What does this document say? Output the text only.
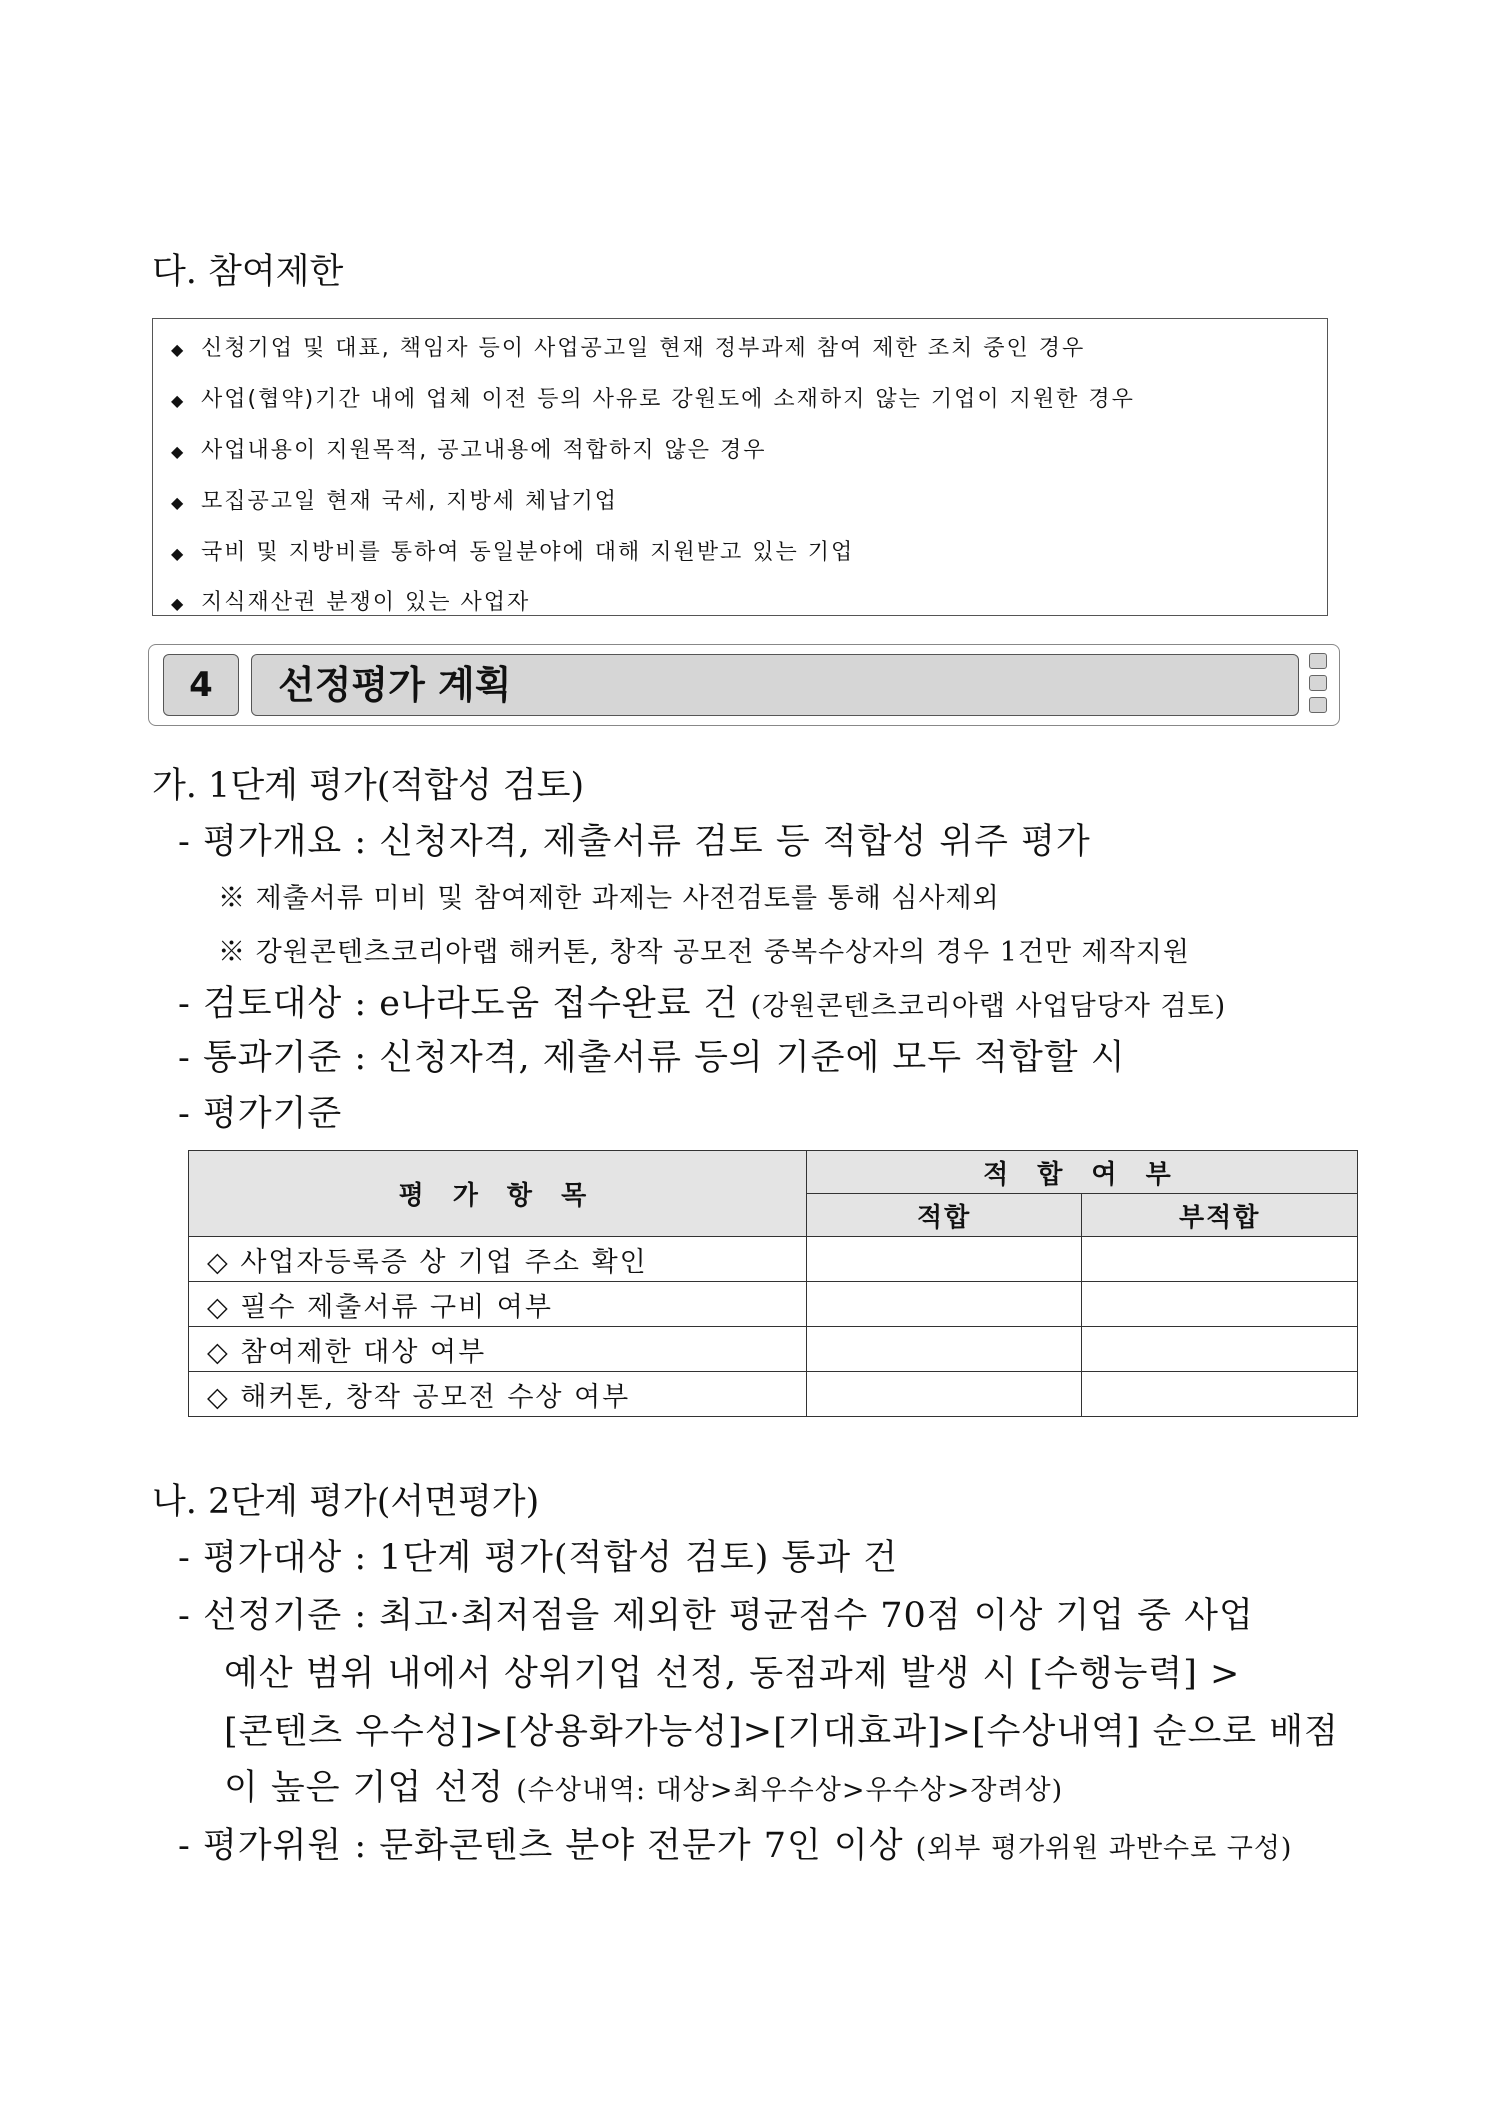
다. 참여제한
◆ 신청기업 및 대표, 책임자 등이 사업공고일 현재 정부과제 참여 제한 조치 중인 경우
◆ 사업(협약)기간 내에 업체 이전 등의 사유로 강원도에 소재하지 않는 기업이 지원한 경우
◆ 사업내용이 지원목적, 공고내용에 적합하지 않은 경우
◆ 모집공고일 현재 국세, 지방세 체납기업
◆ 국비 및 지방비를 통하여 동일분야에 대해 지원받고 있는 기업
◆ 지식재산권 분쟁이 있는 사업자
4	선정평가 계획
가. 1단계 평가(적합성 검토)
- 평가개요 : 신청자격, 제출서류 검토 등 적합성 위주 평가
※ 제출서류 미비 및 참여제한 과제는 사전검토를 통해 심사제외
※ 강원콘텐츠코리아랩 해커톤, 창작 공모전 중복수상자의 경우 1건만 제작지원
- 검토대상 : e나라도움 접수완료 건 (강원콘텐츠코리아랩 사업담당자 검토)
- 통과기준 : 신청자격, 제출서류 등의 기준에 모두 적합할 시
- 평가기준
평 가 항 목	적 합 여 부	
	적합	부적합
◇ 사업자등록증 상 기업 주소 확인		
◇ 필수 제출서류 구비 여부		
◇ 참여제한 대상 여부		
◇ 해커톤, 창작 공모전 수상 여부		
나. 2단계 평가(서면평가)
- 평가대상 : 1단계 평가(적합성 검토) 통과 건
- 선정기준 : 최고·최저점을 제외한 평균점수 70점 이상 기업 중 사업
예산 범위 내에서 상위기업 선정, 동점과제 발생 시 [수행능력] >
[콘텐츠 우수성]>[상용화가능성]>[기대효과]>[수상내역] 순으로 배점
이 높은 기업 선정 (수상내역: 대상>최우수상>우수상>장려상)
- 평가위원 : 문화콘텐츠 분야 전문가 7인 이상 (외부 평가위원 과반수로 구성)
